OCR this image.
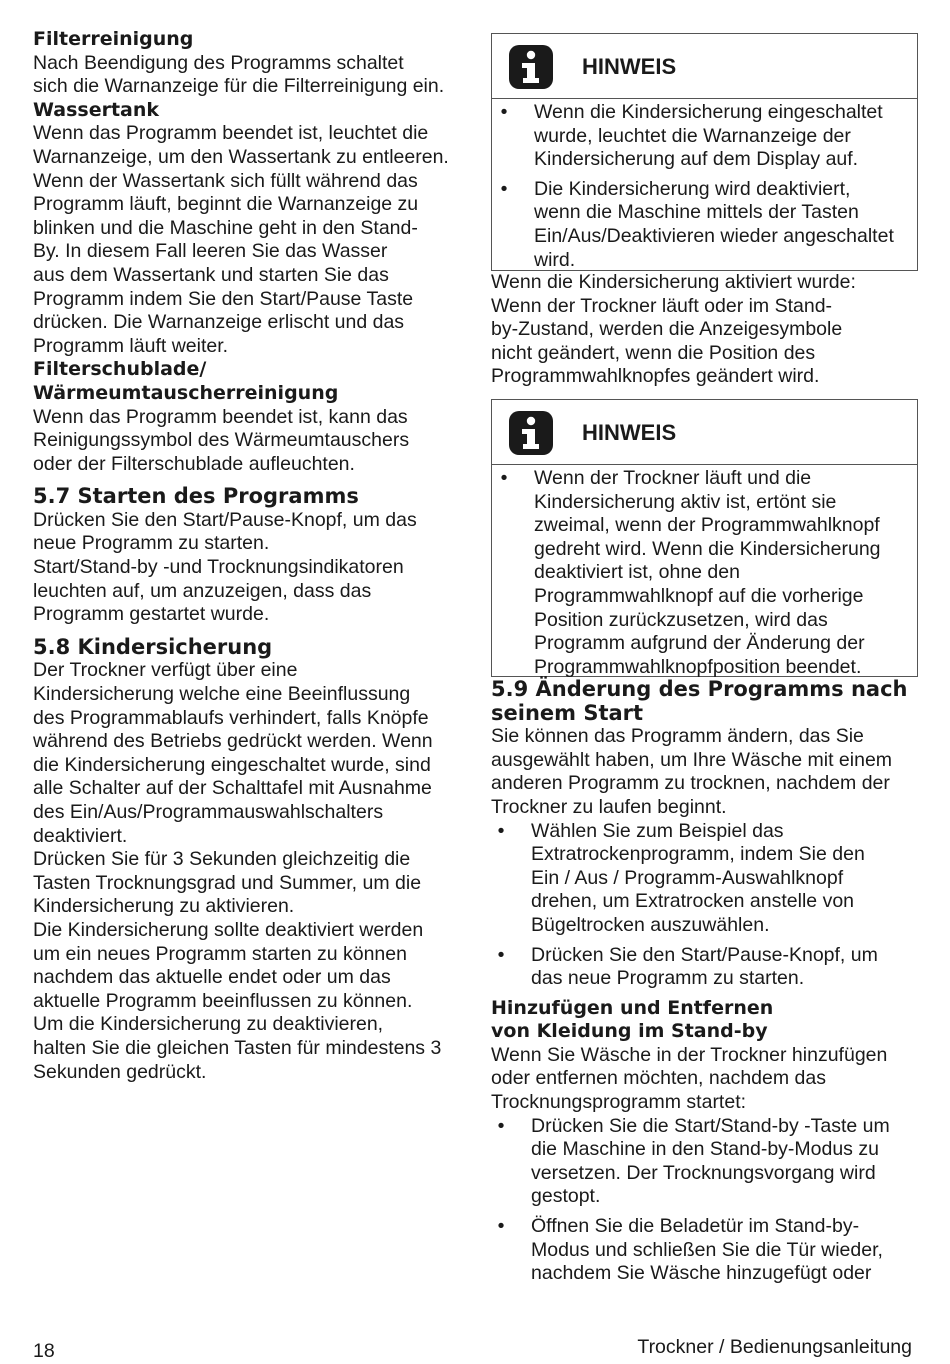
Filterreinigung

Nach Beendigung des Programms schaltet
sich die Warnanzeige für die Filterreinigung ein.

Wassertank

Wenn das Programm beendet ist, leuchtet die
Warnanzeige, um den Wassertank zu entleeren.
Wenn der Wassertank sich füllt während das
Programm läuft, beginnt die Warnanzeige zu
blinken und die Maschine geht in den Stand-
By. In diesem Fall leeren Sie das Wasser
aus dem Wassertank und starten Sie das
Programm indem Sie den Start/Pause Taste
drücken. Die Warnanzeige erlischt und das
Programm läuft weiter.

Filterschublade/
Wärmeumtauscherreinigung

Wenn das Programm beendet ist, kann das
Reinigungssymbol des Wärmeumtauschers
oder der Filterschublade aufleuchten.

5.7 Starten des Programms

Drücken Sie den Start/Pause-Knopf, um das
neue Programm zu starten.
Start/Stand-by -und Trocknungsindikatoren
leuchten auf, um anzuzeigen, dass das
Programm gestartet wurde.

5.8 Kindersicherung

Der Trockner verfügt über eine
Kindersicherung welche eine Beeinflussung
des Programmablaufs verhindert, falls Knöpfe
während des Betriebs gedrückt werden. Wenn
die Kindersicherung eingeschaltet wurde, sind
alle Schalter auf der Schalttafel mit Ausnahme
des Ein/Aus/Programmauswahlschalters
deaktiviert.
Drücken Sie für 3 Sekunden gleichzeitig die
Tasten Trocknungsgrad und Summer, um die
Kindersicherung zu aktivieren.
Die Kindersicherung sollte deaktiviert werden
um ein neues Programm starten zu können
nachdem das aktuelle endet oder um das
aktuelle Programm beeinflussen zu können.
Um die Kindersicherung zu deaktivieren,
halten Sie die gleichen Tasten für mindestens 3
Sekunden gedrückt.

HINWEIS
•	Wenn die Kindersicherung eingeschaltet
wurde, leuchtet die Warnanzeige der
Kindersicherung auf dem Display auf.
•	Die Kindersicherung wird deaktiviert,
wenn die Maschine mittels der Tasten
Ein/Aus/Deaktivieren wieder angeschaltet
wird.

Wenn die Kindersicherung aktiviert wurde:
Wenn der Trockner läuft oder im Stand-
by-Zustand, werden die Anzeigesymbole
nicht geändert, wenn die Position des
Programmwahlknopfes geändert wird.

HINWEIS
•	Wenn der Trockner läuft und die
Kindersicherung aktiv ist, ertönt sie
zweimal, wenn der Programmwahlknopf
gedreht wird. Wenn die Kindersicherung
deaktiviert ist, ohne den
Programmwahlknopf auf die vorherige
Position zurückzusetzen, wird das
Programm aufgrund der Änderung der
Programmwahlknopfposition beendet.
5.9 Änderung des Programms nach
seinem Start

Sie können das Programm ändern, das Sie
ausgewählt haben, um Ihre Wäsche mit einem
anderen Programm zu trocknen, nachdem der
Trockner zu laufen beginnt.

•	Wählen Sie zum Beispiel das
Extratrockenprogramm, indem Sie den
Ein / Aus / Programm-Auswahlknopf
drehen, um Extratrocken anstelle von
Bügeltrocken auszuwählen.
•	Drücken Sie den Start/Pause-Knopf, um
das neue Programm zu starten.
Hinzufügen und Entfernen
von Kleidung im Stand-by

Wenn Sie Wäsche in der Trockner hinzufügen
oder entfernen möchten, nachdem das
Trocknungsprogramm startet:

•	Drücken Sie die Start/Stand-by -Taste um
die Maschine in den Stand-by-Modus zu
versetzen. Der Trocknungsvorgang wird
gestopt.
•	Öffnen Sie die Beladetür im Stand-by-
Modus und schließen Sie die Tür wieder,
nachdem Sie Wäsche hinzugefügt oder
18	Trockner / Bedienungsanleitung
